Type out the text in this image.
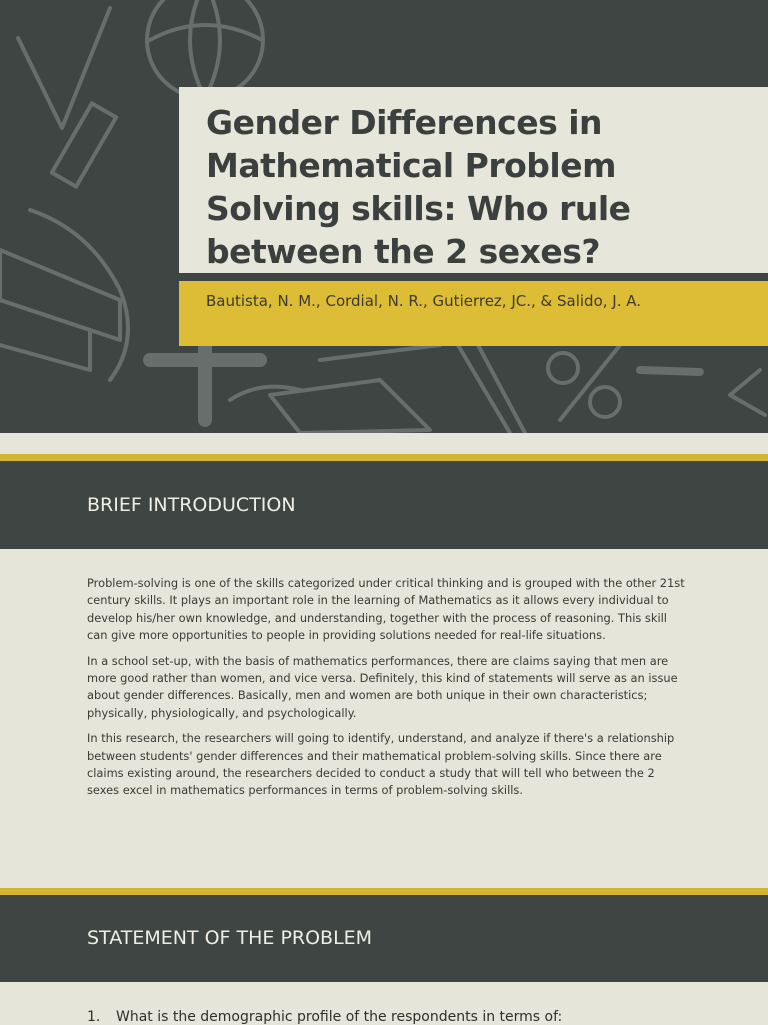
Gender Differences in Mathematical Problem Solving skills: Who rule between the 2 sexes?
Bautista, N. M., Cordial, N. R., Gutierrez, JC., & Salido, J. A.
BRIEF INTRODUCTION

Problem-solving is one of the skills categorized under critical thinking and is grouped with the other 21st century skills. It plays an important role in the learning of Mathematics as it allows every individual to develop his/her own knowledge, and understanding, together with the process of reasoning. This skill can give more opportunities to people in providing solutions needed for real-life situations.

In a school set-up, with the basis of mathematics performances, there are claims saying that men are more good rather than women, and vice versa. Definitely, this kind of statements will serve as an issue about gender differences. Basically, men and women are both unique in their own characteristics; physically, physiologically, and psychologically.

In this research, the researchers will going to identify, understand, and analyze if there's a relationship between students' gender differences and their mathematical problem-solving skills. Since there are claims existing around, the researchers decided to conduct a study that will tell who between the 2 sexes excel in mathematics performances in terms of problem-solving skills.

STATEMENT OF THE PROBLEM
1. What is the demographic profile of the respondents in terms of:
